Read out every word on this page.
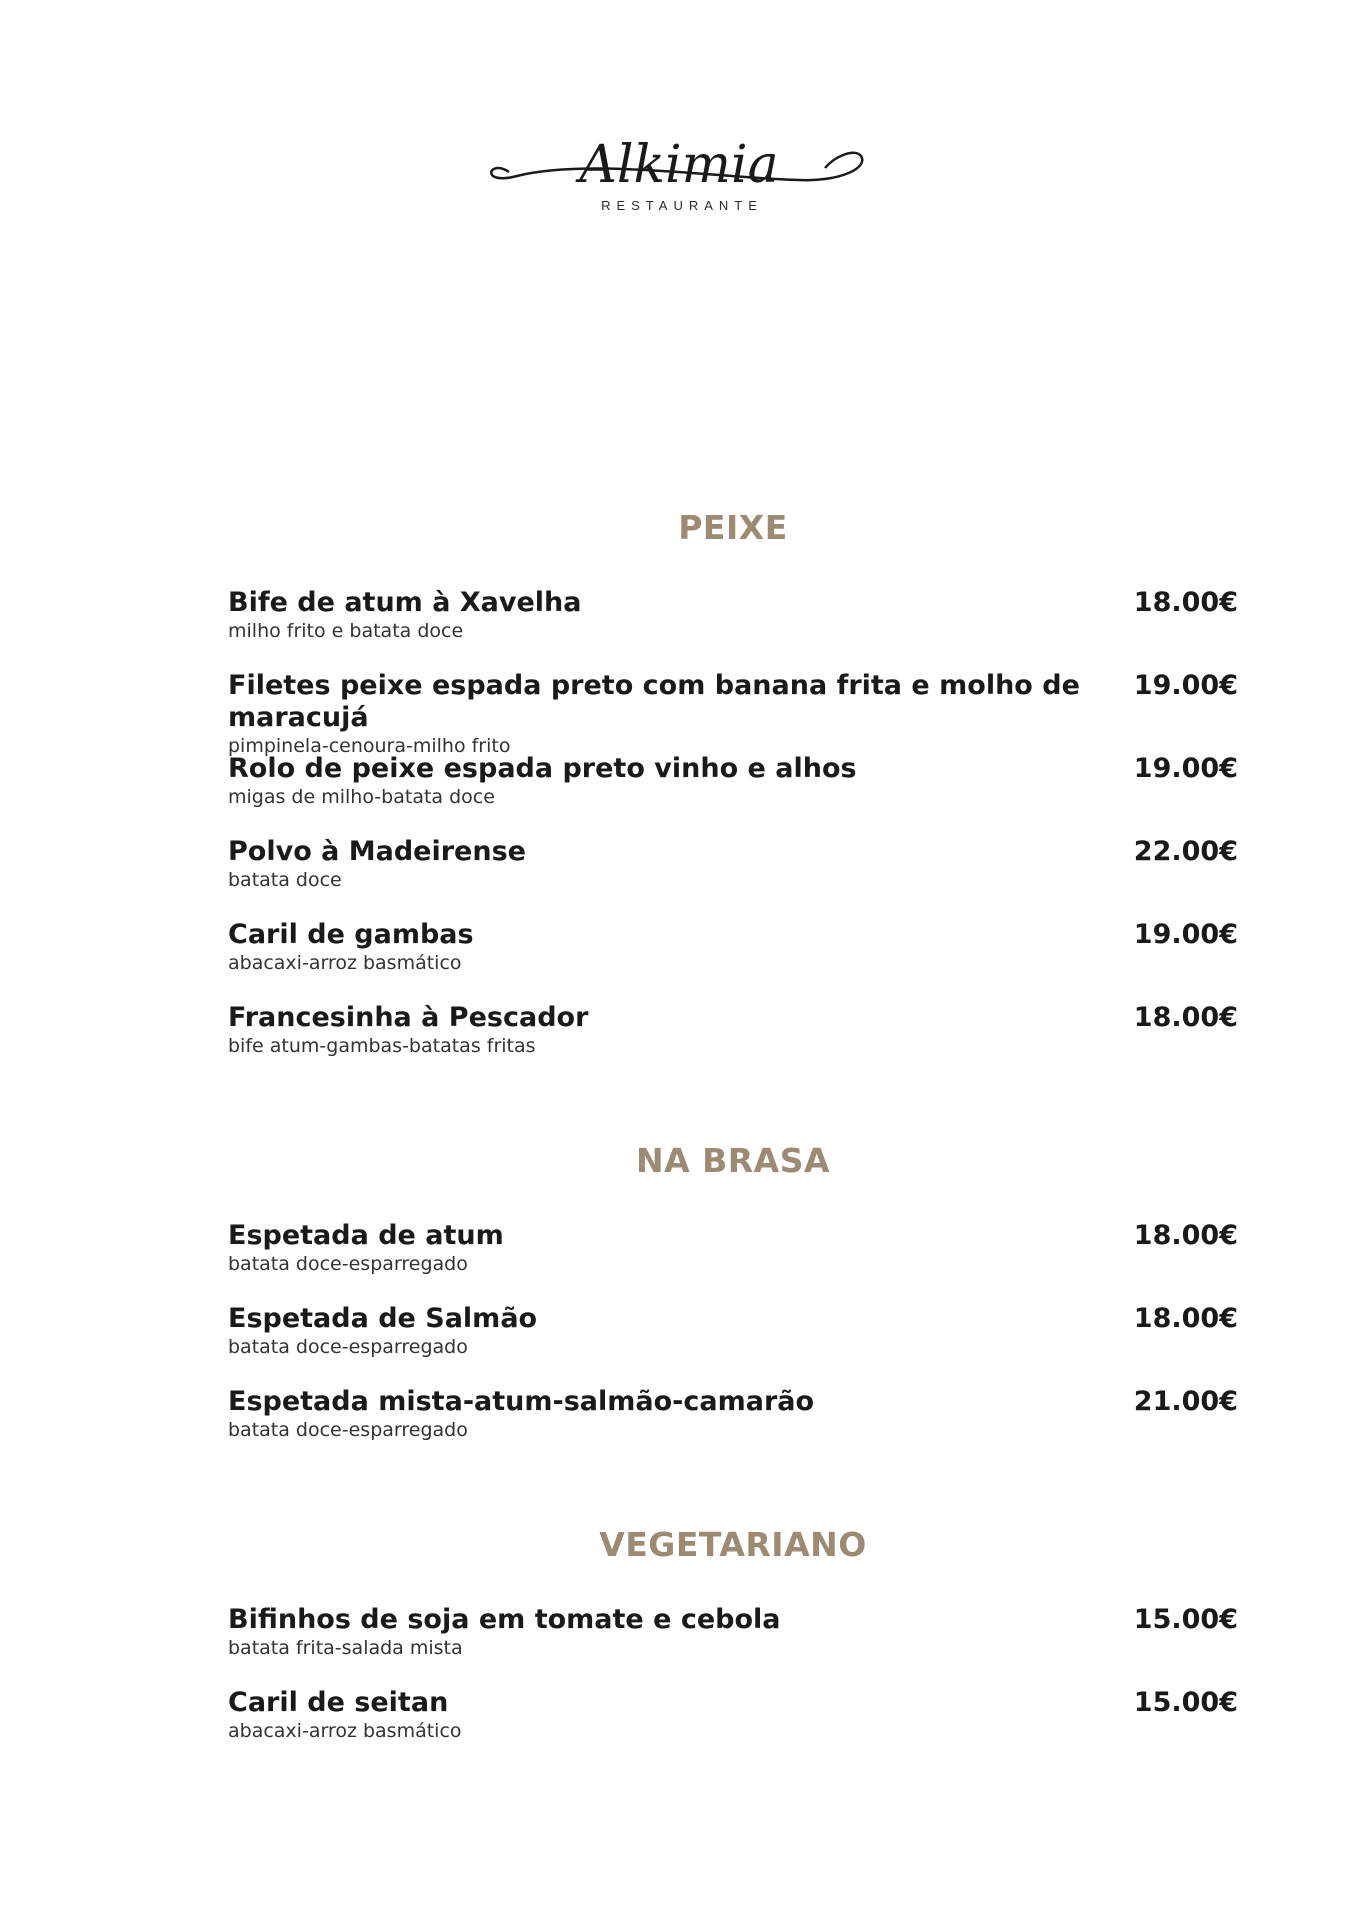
Alkimia
RESTAURANTE
PEIXE
Bife de atum à Xavelha
milho frito e batata doce
18.00€
Filetes peixe espada preto com banana frita e molho de maracujá
pimpinela-cenoura-milho frito
19.00€
Rolo de peixe espada preto vinho e alhos
migas de milho-batata doce
19.00€
Polvo à Madeirense
batata doce
22.00€
Caril de gambas
abacaxi-arroz basmático
19.00€
Francesinha à Pescador
bife atum-gambas-batatas fritas
18.00€
NA BRASA
Espetada de atum
batata doce-esparregado
18.00€
Espetada de Salmão
batata doce-esparregado
18.00€
Espetada mista-atum-salmão-camarão
batata doce-esparregado
21.00€
VEGETARIANO
Bifinhos de soja em tomate e cebola
batata frita-salada mista
15.00€
Caril de seitan
abacaxi-arroz basmático
15.00€
